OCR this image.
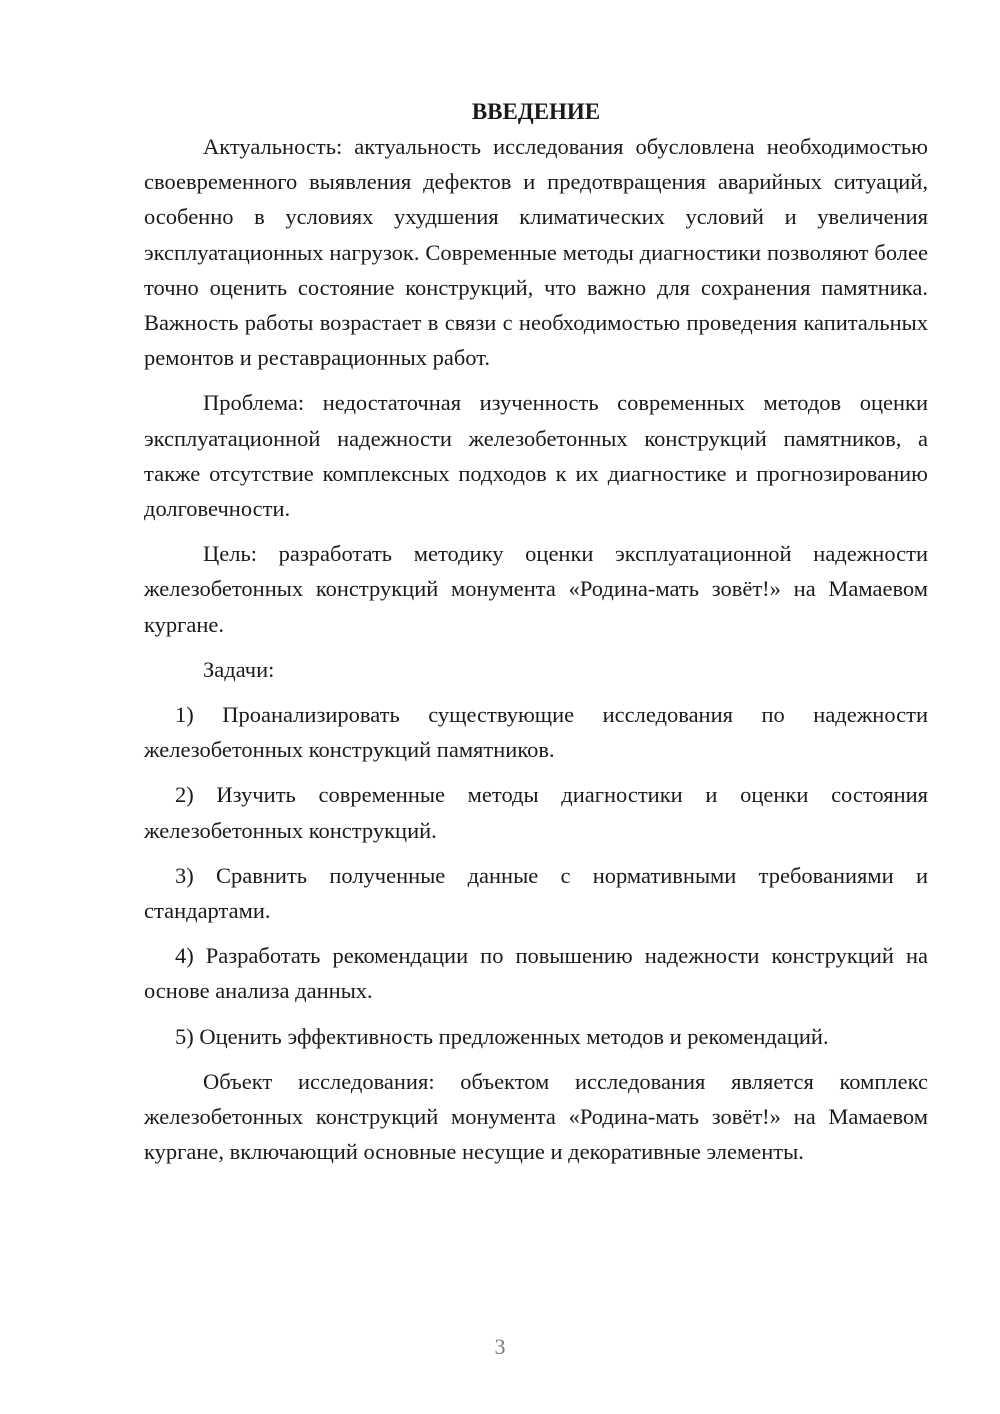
ВВЕДЕНИЕ

Актуальность: актуальность исследования обусловлена необходимостью своевременного выявления дефектов и предотвращения аварийных ситуаций, особенно в условиях ухудшения климатических условий и увеличения эксплуатационных нагрузок. Современные методы диагностики позволяют более точно оценить состояние конструкций, что важно для сохранения памятника. Важность работы возрастает в связи с необходимостью проведения капитальных ремонтов и реставрационных работ.

Проблема: недостаточная изученность современных методов оценки эксплуатационной надежности железобетонных конструкций памятников, а также отсутствие комплексных подходов к их диагностике и прогнозированию долговечности.

Цель: разработать методику оценки эксплуатационной надежности железобетонных конструкций монумента «Родина-мать зовёт!» на Мамаевом кургане.

Задачи:

1) Проанализировать существующие исследования по надежности железобетонных конструкций памятников.

2) Изучить современные методы диагностики и оценки состояния железобетонных конструкций.

3) Сравнить полученные данные с нормативными требованиями и стандартами.

4) Разработать рекомендации по повышению надежности конструкций на основе анализа данных.

5) Оценить эффективность предложенных методов и рекомендаций.

Объект исследования: объектом исследования является комплекс железобетонных конструкций монумента «Родина-мать зовёт!» на Мамаевом кургане, включающий основные несущие и декоративные элементы.

3
